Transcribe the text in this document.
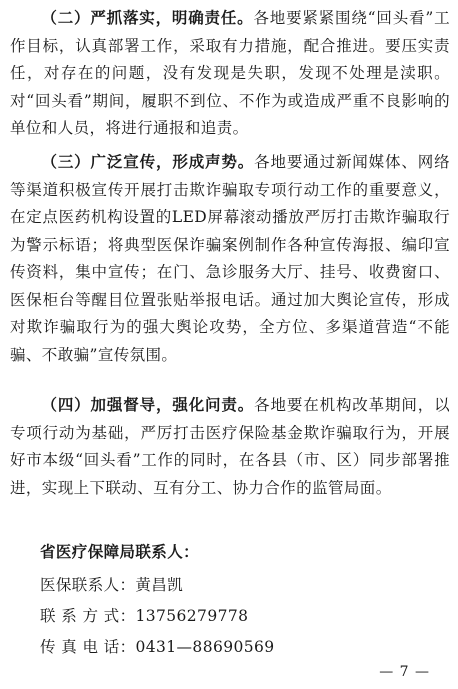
（二）严抓落实，明确责任。各地要紧紧围绕“回头看”工作目标，认真部署工作，采取有力措施，配合推进。要压实责任，对存在的问题，没有发现是失职，发现不处理是渎职。对“回头看”期间，履职不到位、不作为或造成严重不良影响的单位和人员，将进行通报和追责。

（三）广泛宣传，形成声势。各地要通过新闻媒体、网络等渠道积极宣传开展打击欺诈骗取专项行动工作的重要意义，在定点医药机构设置的LED屏幕滚动播放严厉打击欺诈骗取行为警示标语；将典型医保诈骗案例制作各种宣传海报、编印宣传资料，集中宣传；在门、急诊服务大厅、挂号、收费窗口、医保柜台等醒目位置张贴举报电话。通过加大舆论宣传，形成对欺诈骗取行为的强大舆论攻势，全方位、多渠道营造“不能骗、不敢骗”宣传氛围。

（四）加强督导，强化问责。各地要在机构改革期间，以专项行动为基础，严厉打击医疗保险基金欺诈骗取行为，开展好市本级“回头看”工作的同时，在各县（市、区）同步部署推进，实现上下联动、互有分工、协力合作的监管局面。

省医疗保障局联系人：
医保联系人：黄昌凯
联 系 方 式：13756279778
传 真 电 话：0431—88690569
— 7 —
